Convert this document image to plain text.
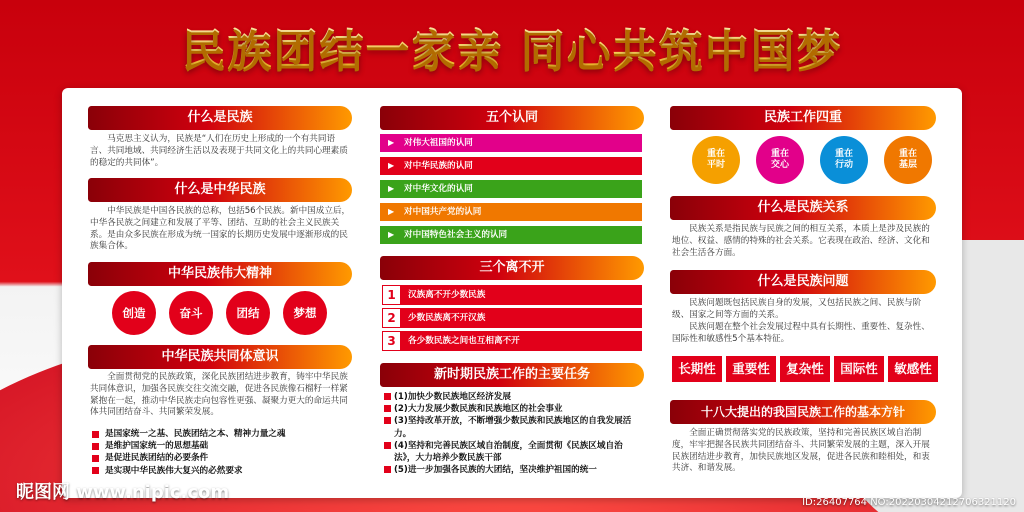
民族团结一家亲 同心共筑中国梦
什么是民族
马克思主义认为，民族是“人们在历史上形成的一个有共同语言、共同地域、共同经济生活以及表现于共同文化上的共同心理素质的稳定的共同体”。
什么是中华民族
中华民族是中国各民族的总称，包括56个民族。新中国成立后，中华各民族之间建立和发展了平等、团结、互助的社会主义民族关系。是由众多民族在形成为统一国家的长期历史发展中逐渐形成的民族集合体。
中华民族伟大精神
创造	奋斗	团结	梦想
中华民族共同体意识
全面贯彻党的民族政策，深化民族团结进步教育，铸牢中华民族共同体意识，加强各民族交往交流交融，促进各民族像石榴籽一样紧紧抱在一起，推动中华民族走向包容性更强、凝聚力更大的命运共同体共同团结奋斗、共同繁荣发展。
是国家统一之基、民族团结之本、精神力量之魂
是维护国家统一的思想基础
是促进民族团结的必要条件
是实现中华民族伟大复兴的必然要求
五个认同
▶ 对伟大祖国的认同
▶ 对中华民族的认同
▶ 对中华文化的认同
▶ 对中国共产党的认同
▶ 对中国特色社会主义的认同
三个离不开
1	汉族离不开少数民族
2	少数民族离不开汉族
3	各少数民族之间也互相离不开
新时期民族工作的主要任务
(1)加快少数民族地区经济发展
(2)大力发展少数民族和民族地区的社会事业
(3)坚持改革开放，不断增强少数民族和民族地区的自我发展活力。
(4)坚持和完善民族区域自治制度，全面贯彻《民族区域自治法》，大力培养少数民族干部
(5)进一步加强各民族的大团结，坚决维护祖国的统一
民族工作四重
重在
平时
重在
交心
重在
行动
重在
基层
什么是民族关系
民族关系是指民族与民族之间的相互关系，本质上是涉及民族的地位、权益、感情的特殊的社会关系。它表现在政治、经济、文化和社会生活各方面。
什么是民族问题
民族问题既包括民族自身的发展，又包括民族之间、民族与阶级、国家之间等方面的关系。
民族问题在整个社会发展过程中具有长期性、重要性、复杂性、国际性和敏感性5个基本特征。
长期性	重要性	复杂性	国际性	敏感性
十八大提出的我国民族工作的基本方针
全面正确贯彻落实党的民族政策，坚持和完善民族区域自治制度，牢牢把握各民族共同团结奋斗、共同繁荣发展的主题，深入开展民族团结进步教育，加快民族地区发展，促进各民族和睦相处，和衷共济、和谐发展。
昵图网 www.nipic.com	ID:26407764 NO:20220304212706321120
